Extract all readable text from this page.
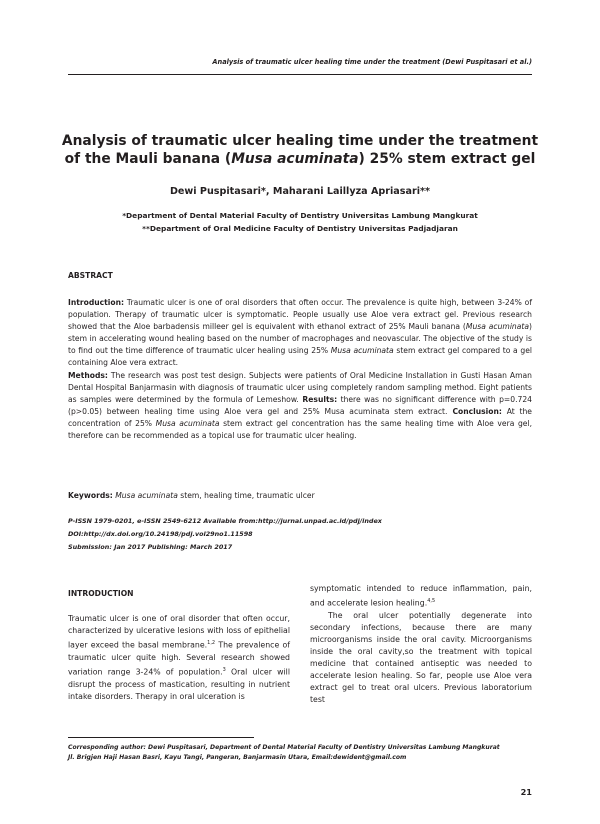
Analysis of traumatic ulcer healing time under the treatment (Dewi Puspitasari et al.)
Analysis of traumatic ulcer healing time under the treatment
of the Mauli banana (Musa acuminata) 25% stem extract gel
Dewi Puspitasari*, Maharani Laillyza Apriasari**
*Department of Dental Material Faculty of Dentistry Universitas Lambung Mangkurat
**Department of Oral Medicine Faculty of Dentistry Universitas Padjadjaran
ABSTRACT

Introduction: Traumatic ulcer is one of oral disorders that often occur. The prevalence is quite high, between 3-24% of population. Therapy of traumatic ulcer is symptomatic. People usually use Aloe vera extract gel. Previous research showed that the Aloe barbadensis milleer gel is equivalent with ethanol extract of 25% Mauli banana (Musa acuminata) stem in accelerating wound healing based on the number of macrophages and neovascular. The objective of the study is to find out the time difference of traumatic ulcer healing using 25% Musa acuminata stem extract gel compared to a gel containing Aloe vera extract.
Methods: The research was post test design. Subjects were patients of Oral Medicine Installation in Gusti Hasan Aman Dental Hospital Banjarmasin with diagnosis of traumatic ulcer using completely random sampling method. Eight patients as samples were determined by the formula of Lemeshow. Results: there was no significant difference with p=0.724 (p>0.05) between healing time using Aloe vera gel and 25% Musa acuminata stem extract. Conclusion: At the concentration of 25% Musa acuminata stem extract gel concentration has the same healing time with Aloe vera gel, therefore can be recommended as a topical use for traumatic ulcer healing.

Keywords: Musa acuminata stem, healing time, traumatic ulcer
P-ISSN 1979-0201, e-ISSN 2549-6212 Available from:http://jurnal.unpad.ac.id/pdj/index
DOI:http://dx.doi.org/10.24198/pdj.vol29no1.11598
Submission: Jan 2017 Publishing: March 2017
INTRODUCTION

Traumatic ulcer is one of oral disorder that often occur, characterized by ulcerative lesions with loss of epithelial layer exceed the basal membrane.$^{1,2}$ The prevalence of traumatic ulcer quite high. Several research showed variation range 3-24% of population.$^3$ Oral ulcer will disrupt the process of mastication, resulting in nutrient intake disorders. Therapy in oral ulceration is

symptomatic intended to reduce inflammation, pain, and accelerate lesion healing.$^{4,5}$
The oral ulcer potentially degenerate into secondary infections, because there are many microorganisms inside the oral cavity. Microorganisms inside the oral cavity,so the treatment with topical medicine that contained antiseptic was needed to accelerate lesion healing. So far, people use Aloe vera extract gel to treat oral ulcers. Previous laboratorium test

Corresponding author: Dewi Puspitasari, Department of Dental Material Faculty of Dentistry Universitas Lambung Mangkurat
Jl. Brigjen Haji Hasan Basri, Kayu Tangi, Pangeran, Banjarmasin Utara, Email:dewident@gmail.com

21
